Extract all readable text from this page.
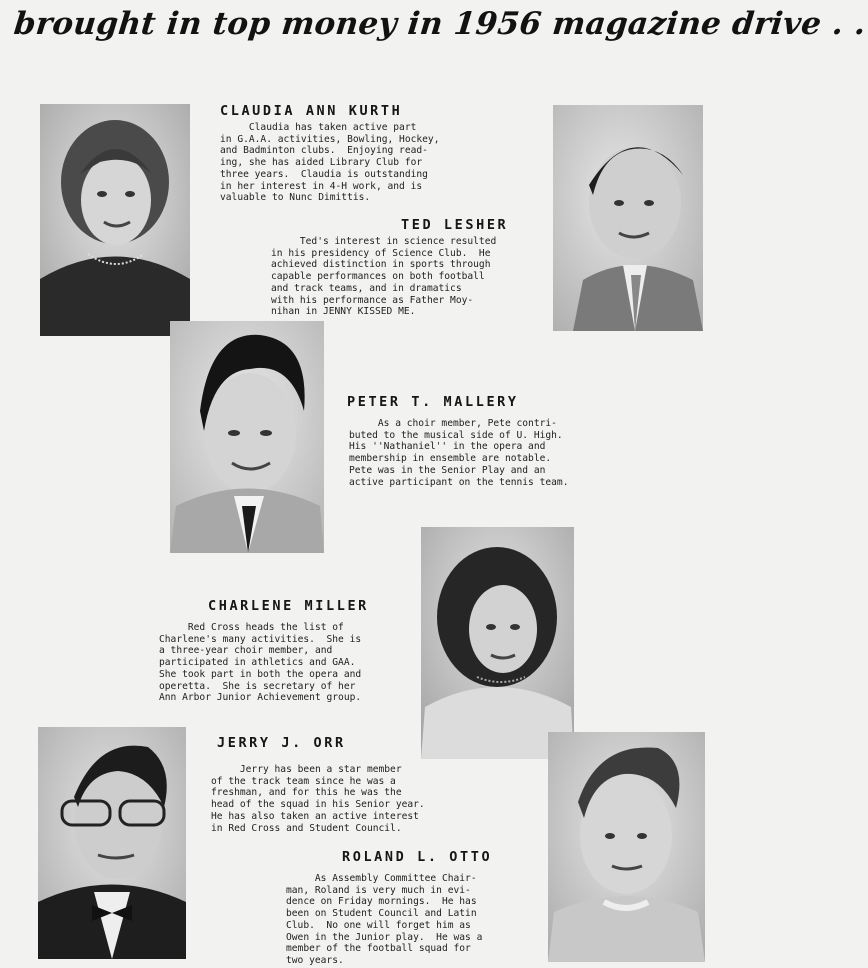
brought in top money in 1956 magazine drive . .
CLAUDIA ANN KURTH
Claudia has taken active part
in G.A.A. activities, Bowling, Hockey,
and Badminton clubs.  Enjoying read-
ing, she has aided Library Club for
three years.  Claudia is outstanding
in her interest in 4-H work, and is
valuable to Nunc Dimittis.
TED LESHER
Ted's interest in science resulted
in his presidency of Science Club.  He
achieved distinction in sports through
capable performances on both football
and track teams, and in dramatics
with his performance as Father Moy-
nihan in JENNY KISSED ME.
PETER T. MALLERY
As a choir member, Pete contri-
buted to the musical side of U. High.
His ''Nathaniel'' in the opera and
membership in ensemble are notable.
Pete was in the Senior Play and an
active participant on the tennis team.
CHARLENE MILLER
Red Cross heads the list of
Charlene's many activities.  She is
a three-year choir member, and
participated in athletics and GAA.
She took part in both the opera and
operetta.  She is secretary of her
Ann Arbor Junior Achievement group.
JERRY J. ORR
Jerry has been a star member
of the track team since he was a
freshman, and for this he was the
head of the squad in his Senior year.
He has also taken an active interest
in Red Cross and Student Council.
ROLAND L. OTTO
As Assembly Committee Chair-
man, Roland is very much in evi-
dence on Friday mornings.  He has
been on Student Council and Latin
Club.  No one will forget him as
Owen in the Junior play.  He was a
member of the football squad for
two years.
